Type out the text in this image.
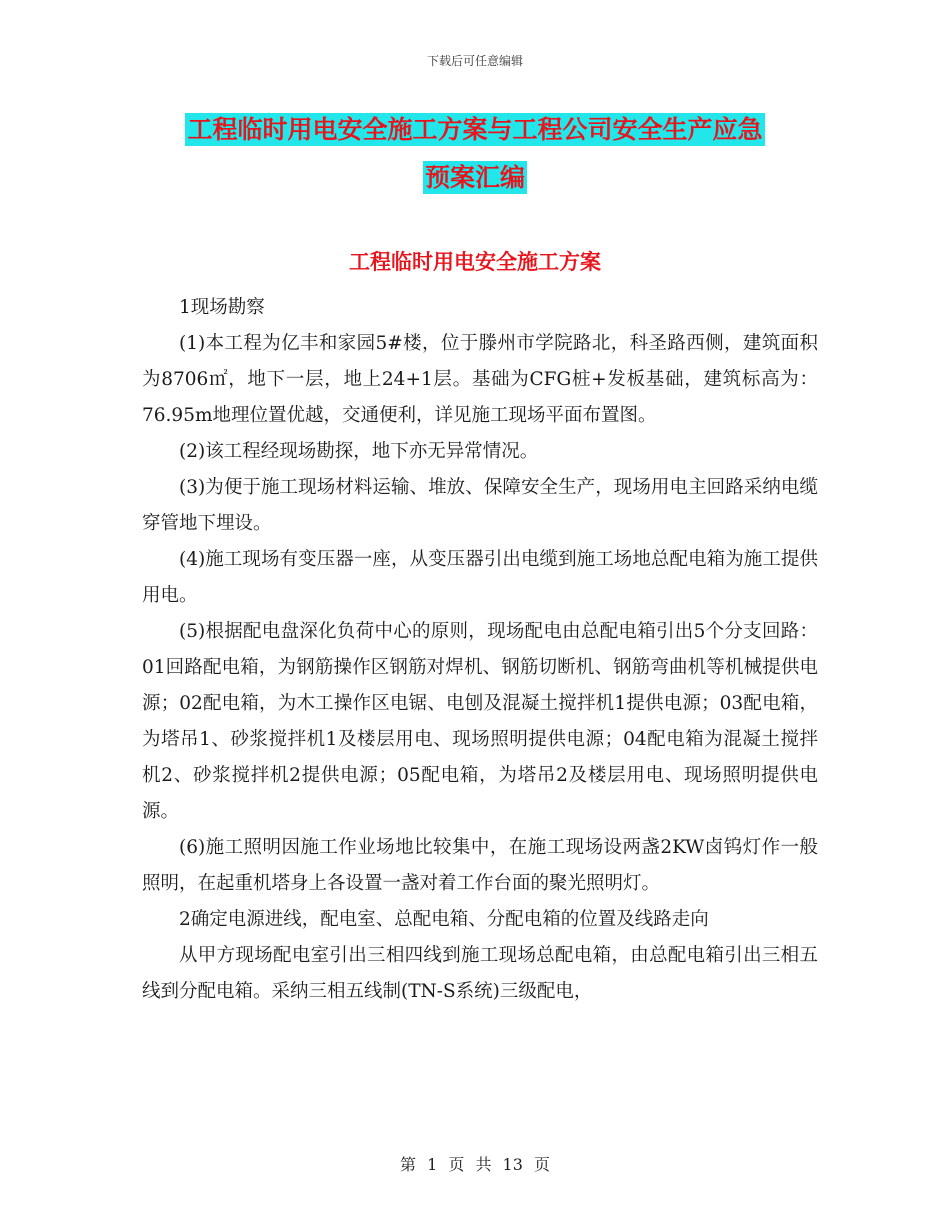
下载后可任意编辑
工程临时用电安全施工方案与工程公司安全生产应急
预案汇编
工程临时用电安全施工方案

1现场勘察

(1)本工程为亿丰和家园5#楼，位于滕州市学院路北，科圣路西侧，建筑面积为8706㎡，地下一层，地上24+1层。基础为CFG桩+发板基础，建筑标高为：76.95m地理位置优越，交通便利，详见施工现场平面布置图。

(2)该工程经现场勘探，地下亦无异常情况。

(3)为便于施工现场材料运输、堆放、保障安全生产，现场用电主回路采纳电缆穿管地下埋设。

(4)施工现场有变压器一座，从变压器引出电缆到施工场地总配电箱为施工提供用电。

(5)根据配电盘深化负荷中心的原则，现场配电由总配电箱引出5个分支回路：01回路配电箱，为钢筋操作区钢筋对焊机、钢筋切断机、钢筋弯曲机等机械提供电源；02配电箱，为木工操作区电锯、电刨及混凝土搅拌机1提供电源；03配电箱，为塔吊1、砂浆搅拌机1及楼层用电、现场照明提供电源；04配电箱为混凝土搅拌机2、砂浆搅拌机2提供电源；05配电箱，为塔吊2及楼层用电、现场照明提供电源。

(6)施工照明因施工作业场地比较集中，在施工现场设两盏2KW卤钨灯作一般照明，在起重机塔身上各设置一盏对着工作台面的聚光照明灯。

2确定电源进线，配电室、总配电箱、分配电箱的位置及线路走向

从甲方现场配电室引出三相四线到施工现场总配电箱，由总配电箱引出三相五线到分配电箱。采纳三相五线制(TN-S系统)三级配电，

第 1 页 共 13 页
